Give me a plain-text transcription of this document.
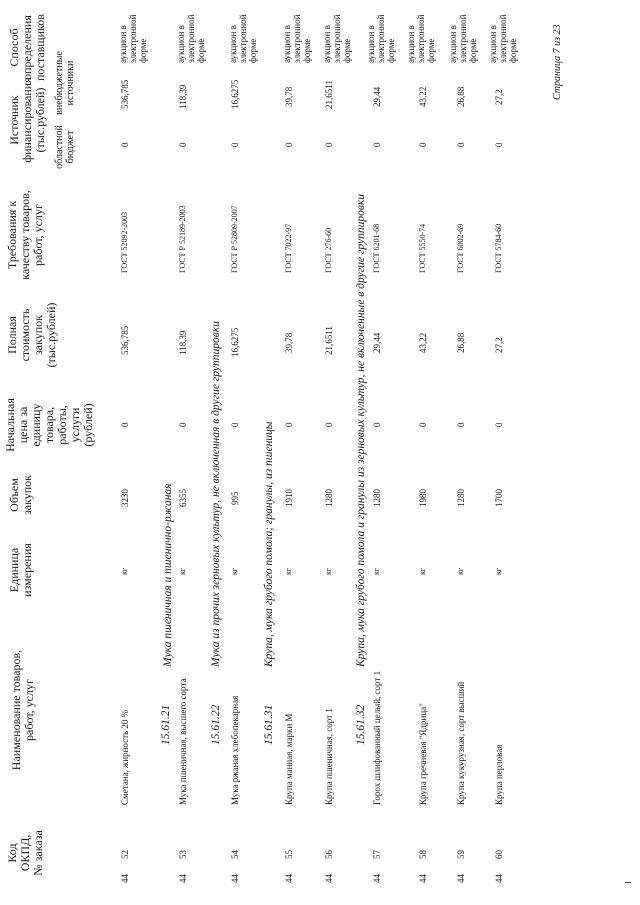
Код
ОКПД,
№ заказа
Наименование товаров,
работ, услуг
Единица
измерения
Объем
закупок
Начальная
цена за
единицу
товара,
работы,
услуги
(рублей)
Полная
стоимость
закупок
(тыс.рублей)
Требования к
качеству товаров,
работ, услуг
Источник
финансирования
(тыс.рублей) областной
бюджет
внебюджетные
источники
Способ
определения
поставщиков
15.61.21
Мука пшеничная и пшенично-ржаная
15.61.22
Мука из прочих зерновых культур, не включенная в другие группировки
15.61.31
Крупа, мука грубого помола; гранулы, из пшеницы
15.61.32
Крупа, мука грубого помола и гранулы из зерновых культур, не включенные в другие группировки
44
52
Сметана, жирность 20 %
кг
3230
0
536,785
ГОСТ 52092-2003
0
536,785
аукцион в
электронной
форме
44
53
Мука пшеничная, высшего сорта
кг
6355
0
118,39
ГОСТ Р 52189-2003
0
118,39
аукцион в
электронной
форме
44
54
Мука ржаная хлебопекарная
кг
995
0
16,6275
ГОСТ Р 52809-2007
0
16,6275
аукцион в
электронной
форме
44
55
Крупа манная, марки М
кг
1910
0
39,78
ГОСТ 7022-97
0
39,78
аукцион в
электронной
форме
44
56
Крупа пшеничная, сорт 1
кг
1280
0
21,6511
ГОСТ 276-60
0
21,6511
аукцион в
электронной
форме
44
57
Горох шлифованный целый, сорт 1
кг
1280
0
29,44
ГОСТ 6201-68
0
29,44
аукцион в
электронной
форме
44
58
Крупа гречневая "Ядрица"
кг
1980
0
43,22
ГОСТ 5550-74
0
43,22
аукцион в
электронной
форме
44
59
Крупа кукурузная, сорт высший
кг
1280
0
26,88
ГОСТ 6002-69
0
26,88
аукцион в
электронной
форме
44
60
Крупа перловая
кг
1700
0
27,2
ГОСТ 5784-60
0
27,2
аукцион в
электронной
форме	Страница 7 из 23
